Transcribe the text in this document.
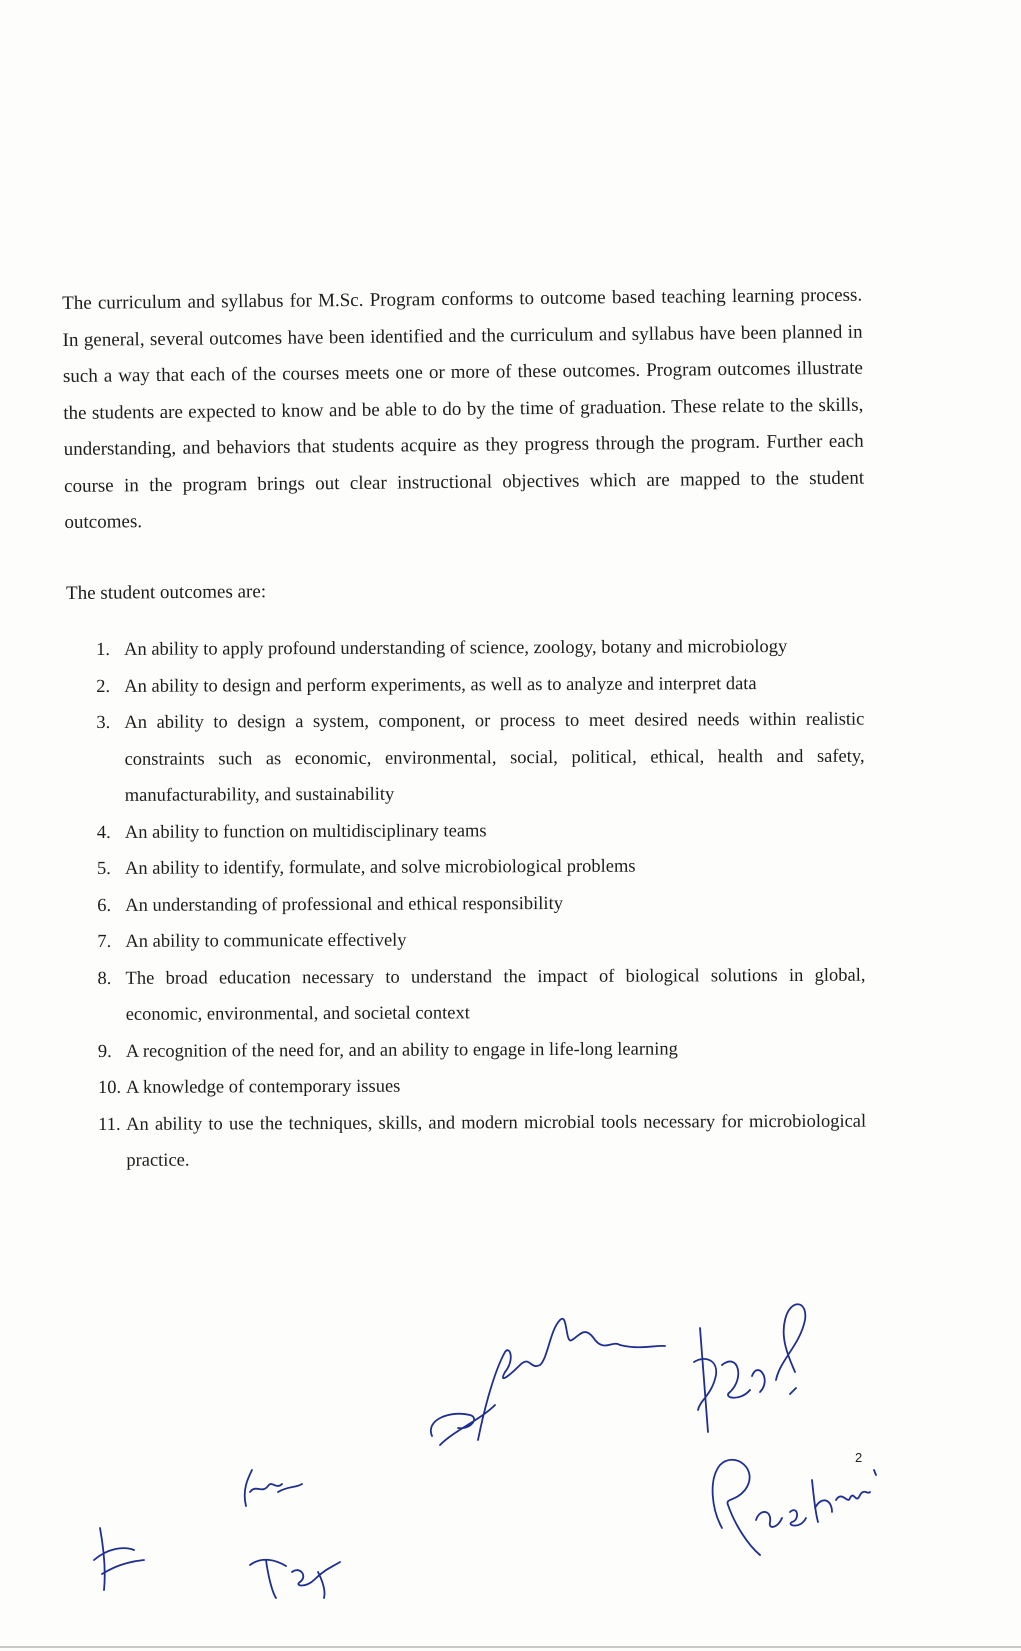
The curriculum and syllabus for M.Sc. Program conforms to outcome based teaching learning process. In general, several outcomes have been identified and the curriculum and syllabus have been planned in such a way that each of the courses meets one or more of these outcomes. Program outcomes illustrate the students are expected to know and be able to do by the time of graduation. These relate to the skills, understanding, and behaviors that students acquire as they progress through the program. Further each course in the program brings out clear instructional objectives which are mapped to the student outcomes.

The student outcomes are:
1. An ability to apply profound understanding of science, zoology, botany and microbiology
2. An ability to design and perform experiments, as well as to analyze and interpret data
3. An ability to design a system, component, or process to meet desired needs within realistic constraints such as economic, environmental, social, political, ethical, health and safety, manufacturability, and sustainability
4. An ability to function on multidisciplinary teams
5. An ability to identify, formulate, and solve microbiological problems
6. An understanding of professional and ethical responsibility
7. An ability to communicate effectively
8. The broad education necessary to understand the impact of biological solutions in global, economic, environmental, and societal context
9. A recognition of the need for, and an ability to engage in life-long learning
10. A knowledge of contemporary issues
11. An ability to use the techniques, skills, and modern microbial tools necessary for microbiological practice.
2
